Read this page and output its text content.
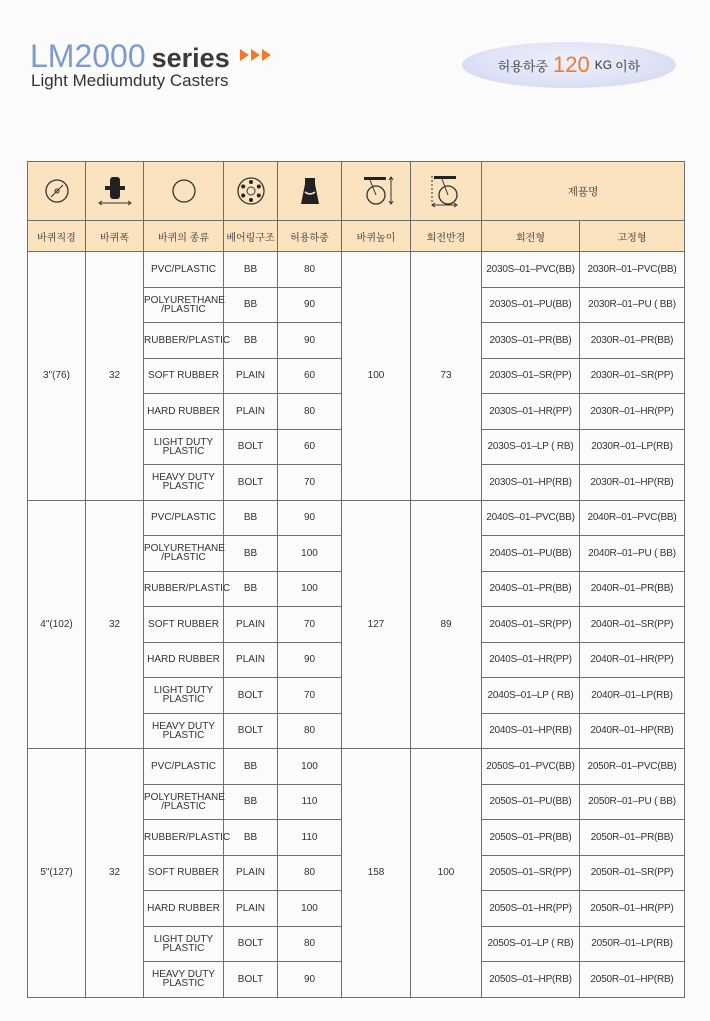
LM2000 series
Light Mediumduty Casters
허용하중 120 KG 이하

	제품명	
바퀴직경	바퀴폭	바퀴의 종류	베어링구조	허용하중	바퀴높이	회전반경	회전형	고정형
3"(76)	32	PVC/PLASTIC	BB	80	100	73	2030S–01–PVC(BB)	2030R–01–PVC(BB)

		POLYURETHANE
/PLASTIC	BB	90			2030S–01–PU(BB)	2030R–01–PU ( BB)

		RUBBER/PLASTIC	BB	90			2030S–01–PR(BB)	2030R–01–PR(BB)

		SOFT RUBBER	PLAIN	60			2030S–01–SR(PP)	2030R–01–SR(PP)

		HARD RUBBER	PLAIN	80			2030S–01–HR(PP)	2030R–01–HR(PP)

		LIGHT DUTY
PLASTIC	BOLT	60			2030S–01–LP ( RB)	2030R–01–LP(RB)

		HEAVY DUTY
PLASTIC	BOLT	70			2030S–01–HP(RB)	2030R–01–HP(RB)
4"(102)	32	PVC/PLASTIC	BB	90	127	89	2040S–01–PVC(BB)	2040R–01–PVC(BB)

		POLYURETHANE
/PLASTIC	BB	100			2040S–01–PU(BB)	2040R–01–PU ( BB)

		RUBBER/PLASTIC	BB	100			2040S–01–PR(BB)	2040R–01–PR(BB)

		SOFT RUBBER	PLAIN	70			2040S–01–SR(PP)	2040R–01–SR(PP)

		HARD RUBBER	PLAIN	90			2040S–01–HR(PP)	2040R–01–HR(PP)

		LIGHT DUTY
PLASTIC	BOLT	70			2040S–01–LP ( RB)	2040R–01–LP(RB)

		HEAVY DUTY
PLASTIC	BOLT	80			2040S–01–HP(RB)	2040R–01–HP(RB)
5"(127)	32	PVC/PLASTIC	BB	100	158	100	2050S–01–PVC(BB)	2050R–01–PVC(BB)

		POLYURETHANE
/PLASTIC	BB	110			2050S–01–PU(BB)	2050R–01–PU ( BB)

		RUBBER/PLASTIC	BB	110			2050S–01–PR(BB)	2050R–01–PR(BB)

		SOFT RUBBER	PLAIN	80			2050S–01–SR(PP)	2050R–01–SR(PP)

		HARD RUBBER	PLAIN	100			2050S–01–HR(PP)	2050R–01–HR(PP)

		LIGHT DUTY
PLASTIC	BOLT	80			2050S–01–LP ( RB)	2050R–01–LP(RB)

		HEAVY DUTY
PLASTIC	BOLT	90			2050S–01–HP(RB)	2050R–01–HP(RB)
